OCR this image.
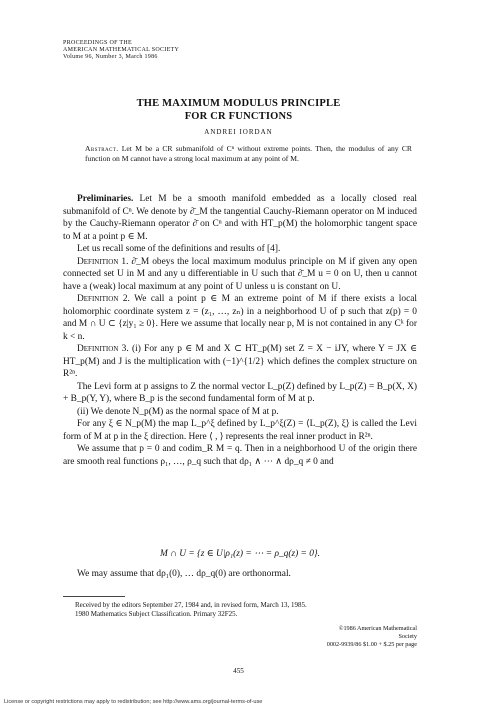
PROCEEDINGS OF THE
AMERICAN MATHEMATICAL SOCIETY
Volume 96, Number 3, March 1986
THE MAXIMUM MODULUS PRINCIPLE
FOR CR FUNCTIONS
ANDREI IORDAN
Abstract. Let M be a CR submanifold of Cⁿ without extreme points. Then, the modulus of any CR function on M cannot have a strong local maximum at any point of M.

Preliminaries. Let M be a smooth manifold embedded as a locally closed real submanifold of Cⁿ. We denote by ∂̄_M the tangential Cauchy-Riemann operator on M induced by the Cauchy-Riemann operator ∂̄ on Cⁿ and with HT_p(M) the holomorphic tangent space to M at a point p ∈ M.

Let us recall some of the definitions and results of [4].

Definition 1. ∂̄_M obeys the local maximum modulus principle on M if given any open connected set U in M and any u differentiable in U such that ∂̄_M u = 0 on U, then u cannot have a (weak) local maximum at any point of U unless u is constant on U.

Definition 2. We call a point p ∈ M an extreme point of M if there exists a local holomorphic coordinate system z = (z₁, …, zₙ) in a neighborhood U of p such that z(p) = 0 and M ∩ U ⊂ {z|y₁ ≥ 0}. Here we assume that locally near p, M is not contained in any Cᵏ for k < n.

Definition 3. (i) For any p ∈ M and X ⊂ HT_p(M) set Z = X − iJY, where Y = JX ∈ HT_p(M) and J is the multiplication with (−1)^{1/2} which defines the complex structure on R²ⁿ.

The Levi form at p assigns to Z the normal vector L_p(Z) defined by L_p(Z) = B_p(X, X) + B_p(Y, Y), where B_p is the second fundamental form of M at p.

(ii) We denote N_p(M) as the normal space of M at p.

For any ξ ∈ N_p(M) the map L_p^ξ defined by L_p^ξ(Z) = ⟨L_p(Z), ξ⟩ is called the Levi form of M at p in the ξ direction. Here ⟨ , ⟩ represents the real inner product in R²ⁿ.

We assume that p = 0 and codim_R M = q. Then in a neighborhood U of the origin there are smooth real functions ρ₁, …, ρ_q such that dρ₁ ∧ ⋯ ∧ dρ_q ≠ 0 and

M ∩ U = {z ∈ U|ρ₁(z) = ⋯ = ρ_q(z) = 0}.

We may assume that dρ₁(0), … dρ_q(0) are orthonormal.

Received by the editors September 27, 1984 and, in revised form, March 13, 1985.
1980 Mathematics Subject Classification. Primary 32F25.
©1986 American Mathematical Society
0002-9939/86 $1.00 + $.25 per page
455
License or copyright restrictions may apply to redistribution; see http://www.ams.org/journal-terms-of-use
